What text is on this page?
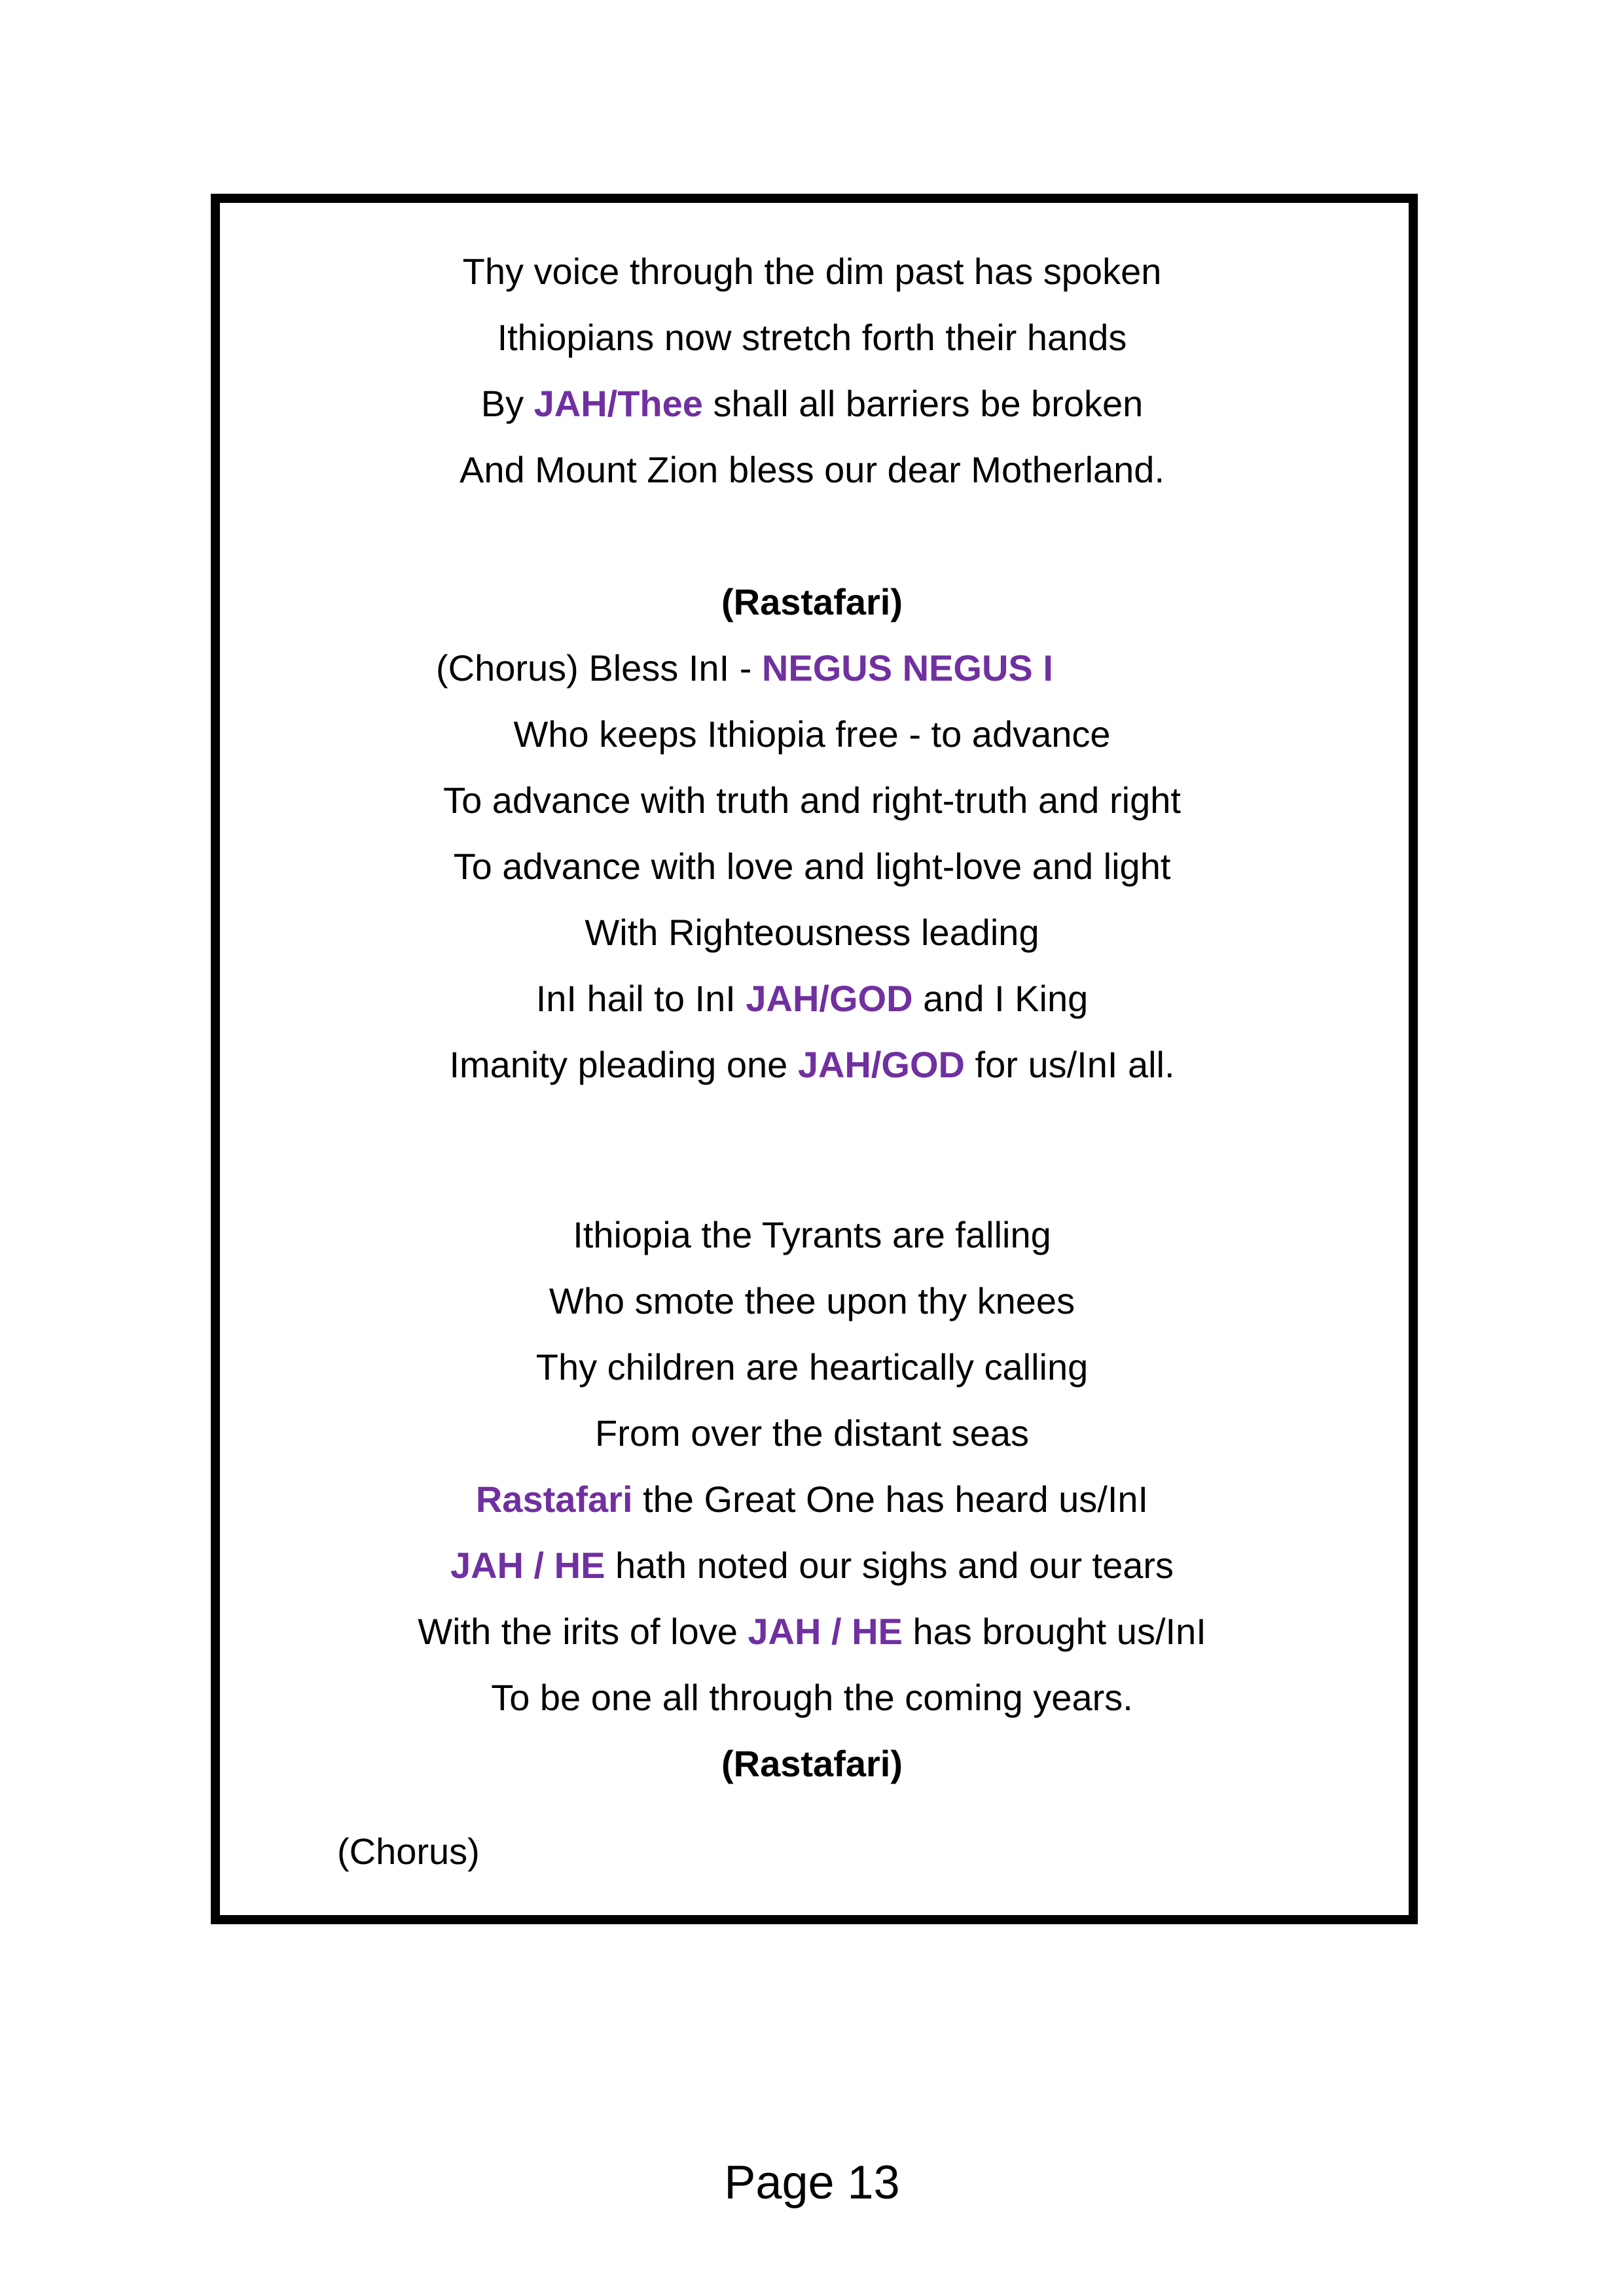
Thy voice through the dim past has spoken
Ithiopians now stretch forth their hands
By JAH/Thee shall all barriers be broken
And Mount Zion bless our dear Motherland.
(Rastafari)
(Chorus) Bless InI - NEGUS NEGUS I
Who keeps Ithiopia free - to advance
To advance with truth and right-truth and right
To advance with love and light-love and light
With Righteousness leading
InI hail to InI JAH/GOD and I King
Imanity pleading one JAH/GOD for us/InI all.
Ithiopia the Tyrants are falling
Who smote thee upon thy knees
Thy children are heartically calling
From over the distant seas
Rastafari the Great One has heard us/InI
JAH / HE hath noted our sighs and our tears
With the irits of love JAH / HE has brought us/InI
To be one all through the coming years.
(Rastafari)
(Chorus)
Page 13
